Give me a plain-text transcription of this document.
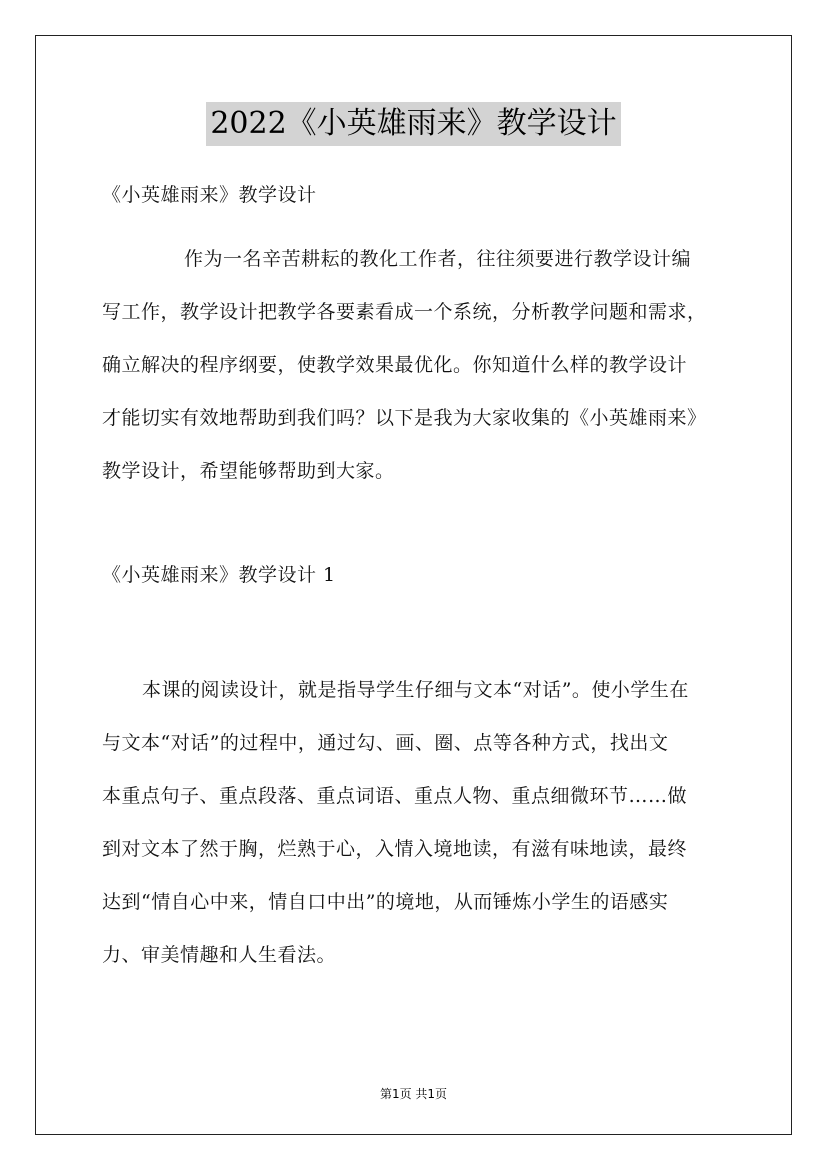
2022《小英雄雨来》教学设计
《小英雄雨来》教学设计
作为一名辛苦耕耘的教化工作者，往往须要进行教学设计编
写工作，教学设计把教学各要素看成一个系统，分析教学问题和需求，
确立解决的程序纲要，使教学效果最优化。你知道什么样的教学设计
才能切实有效地帮助到我们吗？以下是我为大家收集的《小英雄雨来》
教学设计，希望能够帮助到大家。
《小英雄雨来》教学设计 1
本课的阅读设计，就是指导学生仔细与文本“对话”。使小学生在
与文本“对话”的过程中，通过勾、画、圈、点等各种方式，找出文
本重点句子、重点段落、重点词语、重点人物、重点细微环节……做
到对文本了然于胸，烂熟于心，入情入境地读，有滋有味地读，最终
达到“情自心中来，情自口中出”的境地，从而锤炼小学生的语感实
力、审美情趣和人生看法。
第1页 共1页
